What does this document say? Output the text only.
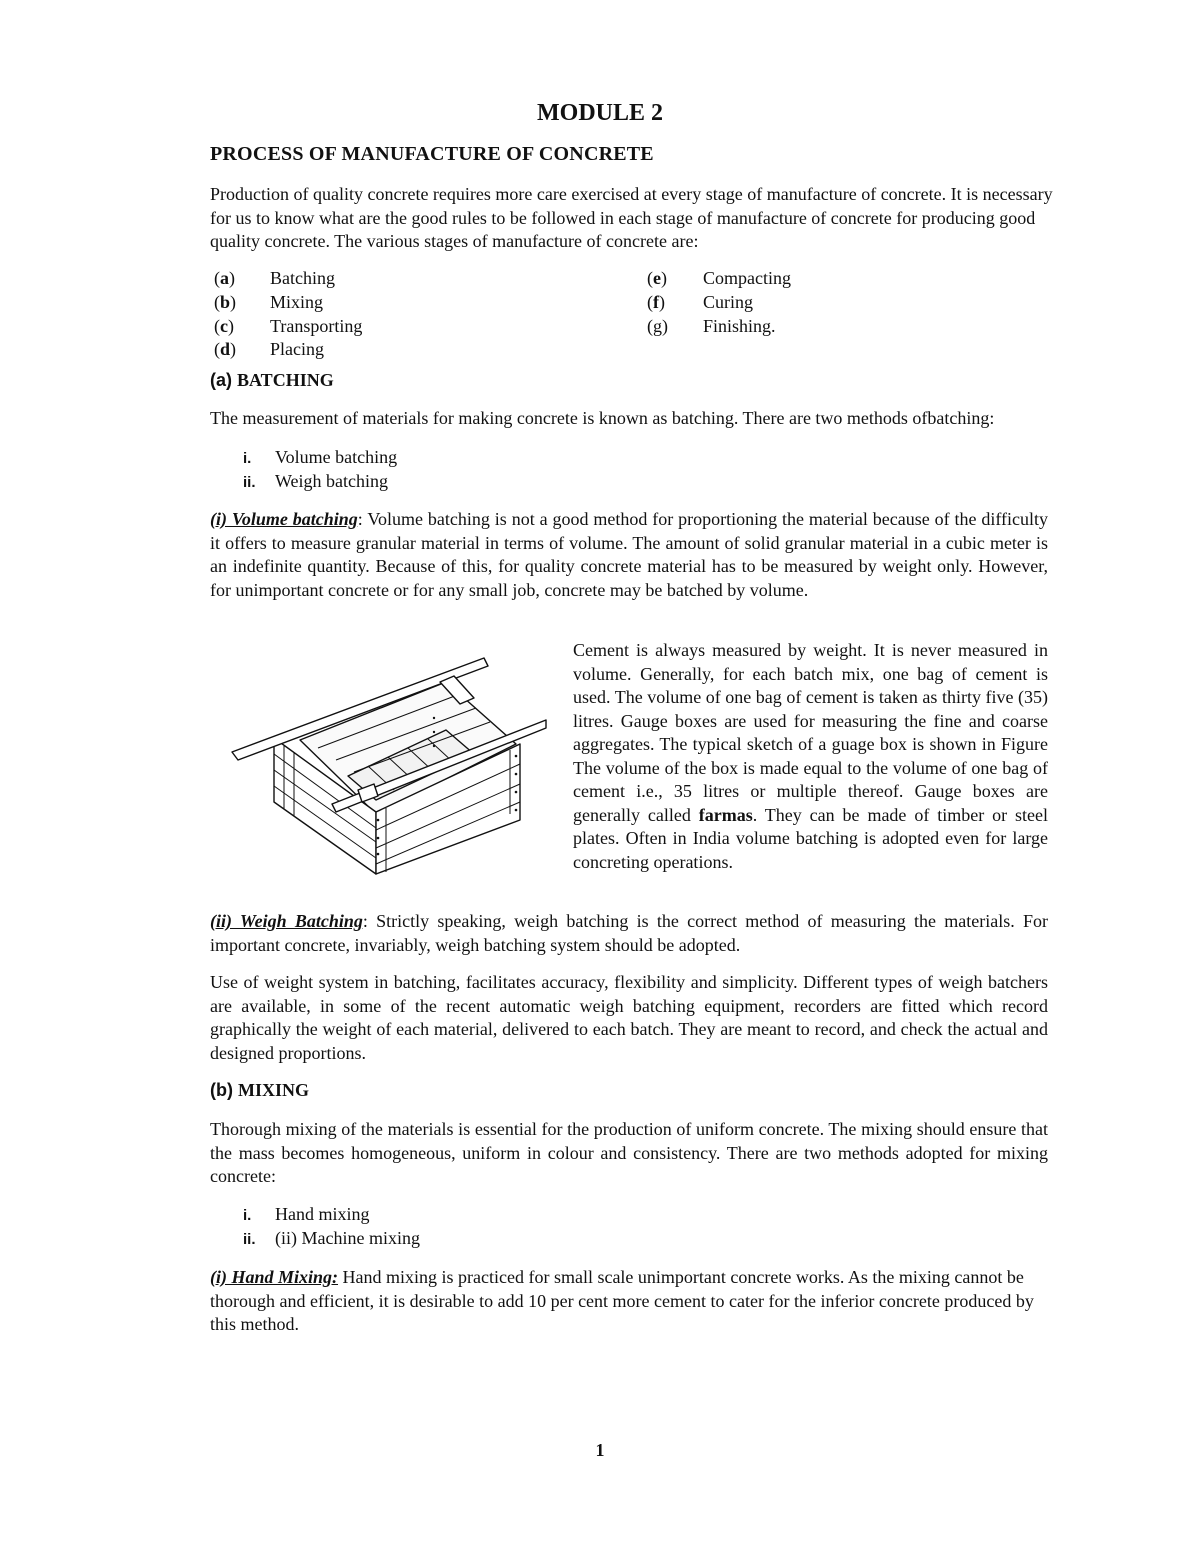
MODULE 2
PROCESS OF MANUFACTURE OF CONCRETE

Production of quality concrete requires more care exercised at every stage of manufacture of concrete. It is necessary for us to know what are the good rules to be followed in each stage of manufacture of concrete for producing good quality concrete. The various stages of manufacture of concrete are:

(a) Batching
(b) Mixing
(c) Transporting
(d) Placing
(e) Compacting
(f) Curing
(g) Finishing.
(a) BATCHING

The measurement of materials for making concrete is known as batching. There are two methods ofbatching:

i. Volume batching
ii. Weigh batching

(i) Volume batching: Volume batching is not a good method for proportioning the material because of the difficulty it offers to measure granular material in terms of volume. The amount of solid granular material in a cubic meter is an indefinite quantity. Because of this, for quality concrete material has to be measured by weight only. However, for unimportant concrete or for any small job, concrete may be batched by volume.

Cement is always measured by weight. It is never measured in volume. Generally, for each batch mix, one bag of cement is used. The volume of one bag of cement is taken as thirty five (35) litres. Gauge boxes are used for measuring the fine and coarse aggregates. The typical sketch of a guage box is shown in Figure The volume of the box is made equal to the volume of one bag of cement i.e., 35 litres or multiple thereof. Gauge boxes are generally called farmas. They can be made of timber or steel plates. Often in India volume batching is adopted even for large concreting operations.

(ii) Weigh Batching: Strictly speaking, weigh batching is the correct method of measuring the materials. For important concrete, invariably, weigh batching system should be adopted.

Use of weight system in batching, facilitates accuracy, flexibility and simplicity. Different types of weigh batchers are available, in some of the recent automatic weigh batching equipment, recorders are fitted which record graphically the weight of each material, delivered to each batch. They are meant to record, and check the actual and designed proportions.

(b) MIXING

Thorough mixing of the materials is essential for the production of uniform concrete. The mixing should ensure that the mass becomes homogeneous, uniform in colour and consistency. There are two methods adopted for mixing concrete:

i. Hand mixing
ii. (ii) Machine mixing

(i) Hand Mixing: Hand mixing is practiced for small scale unimportant concrete works. As the mixing cannot be thorough and efficient, it is desirable to add 10 per cent more cement to cater for the inferior concrete produced by this method.

1
